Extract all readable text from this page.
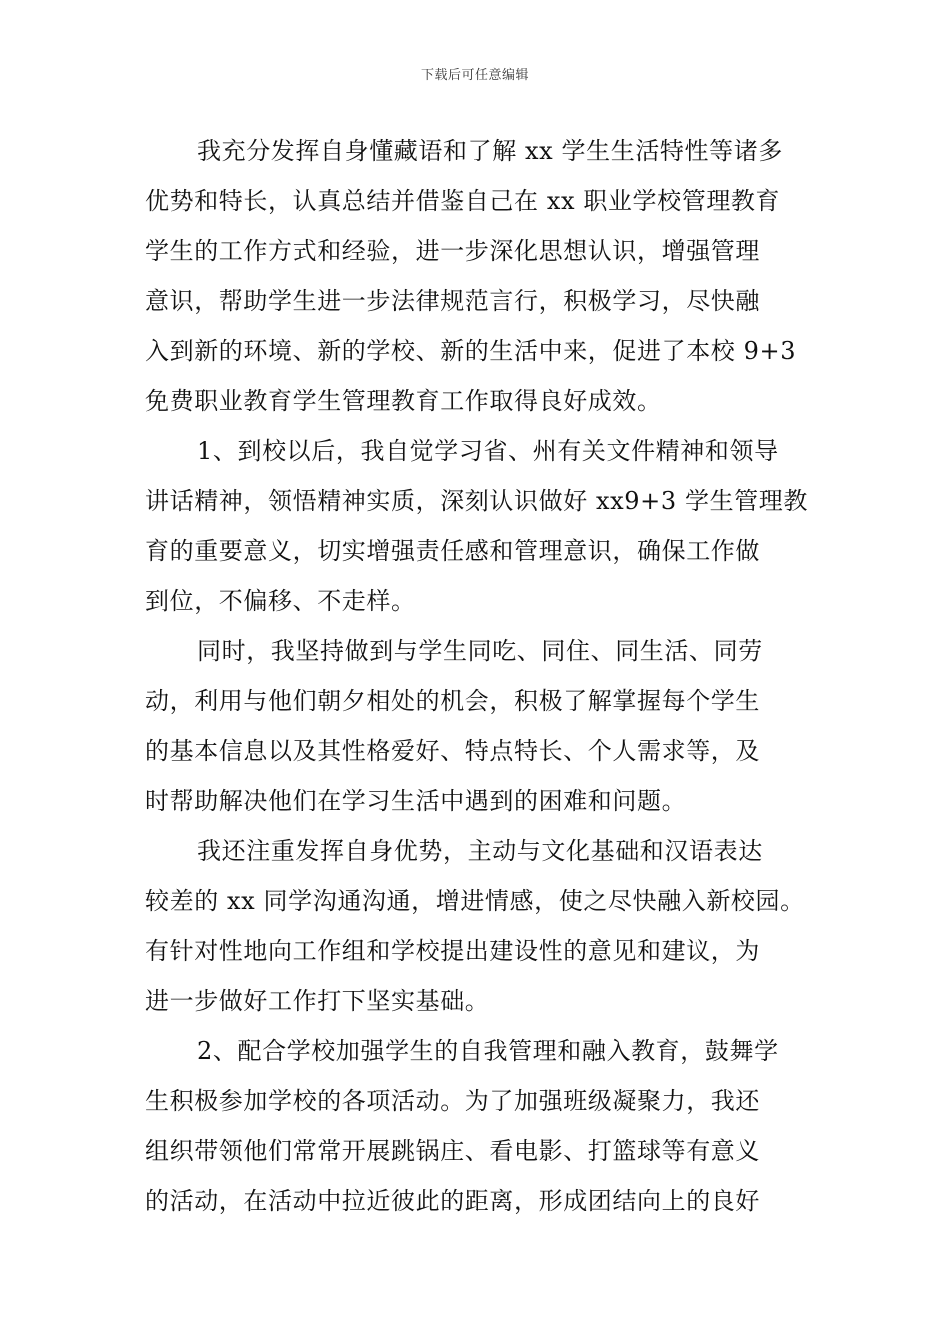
下载后可任意编辑
我充分发挥自身懂藏语和了解 xx 学生生活特性等诸多
优势和特长，认真总结并借鉴自己在 xx 职业学校管理教育
学生的工作方式和经验，进一步深化思想认识，增强管理
意识，帮助学生进一步法律规范言行，积极学习，尽快融
入到新的环境、新的学校、新的生活中来，促进了本校 9+3
免费职业教育学生管理教育工作取得良好成效。
1、到校以后，我自觉学习省、州有关文件精神和领导
讲话精神，领悟精神实质，深刻认识做好 xx9+3 学生管理教
育的重要意义，切实增强责任感和管理意识，确保工作做
到位，不偏移、不走样。
同时，我坚持做到与学生同吃、同住、同生活、同劳
动，利用与他们朝夕相处的机会，积极了解掌握每个学生
的基本信息以及其性格爱好、特点特长、个人需求等，及
时帮助解决他们在学习生活中遇到的困难和问题。
我还注重发挥自身优势，主动与文化基础和汉语表达
较差的 xx 同学沟通沟通，增进情感，使之尽快融入新校园。
有针对性地向工作组和学校提出建设性的意见和建议，为
进一步做好工作打下坚实基础。
2、配合学校加强学生的自我管理和融入教育，鼓舞学
生积极参加学校的各项活动。为了加强班级凝聚力，我还
组织带领他们常常开展跳锅庄、看电影、打篮球等有意义
的活动，在活动中拉近彼此的距离，形成团结向上的良好
